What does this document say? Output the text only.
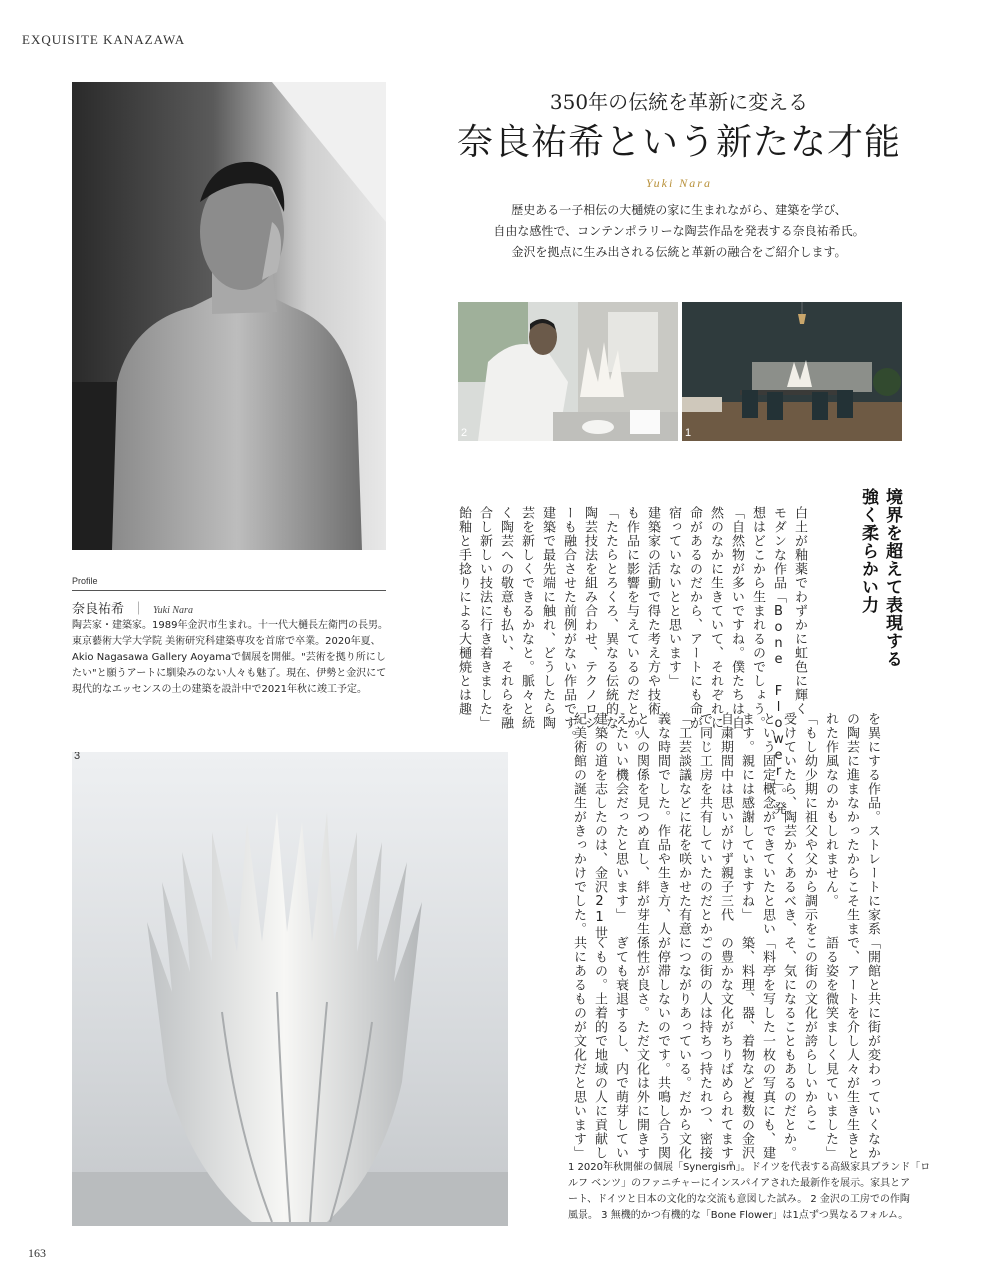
EXQUISITE KANAZAWA
350年の伝統を革新に変える
奈良祐希という新たな才能
Yuki Nara
歴史ある一子相伝の大樋焼の家に生まれながら、建築を学び、
自由な感性で、コンテンポラリーな陶芸作品を発表する奈良祐希氏。
金沢を拠点に生み出される伝統と革新の融合をご紹介します。
2	1
Profile
奈良祐希 ｜ Yuki Nara
陶芸家・建築家。1989年金沢市生まれ。十一代大樋長左衛門の長男。
東京藝術大学大学院 美術研究科建築専攻を首席で卒業。2020年夏、
Akio Nagasawa Gallery Aoyamaで個展を開催。"芸術を拠り所にし
たい"と願うアートに馴染みのない人々も魅了。現在、伊勢と金沢にて
現代的なエッセンスの土の建築を設計中で2021年秋に竣工予定。
境界を超えて表現する
強く柔らかい力
白土が釉薬でわずかに虹色に輝く
モダンな作品「Bone Flower」。発
想はどこから生まれるのでしょう。
「自然物が多いですね。僕たちは自
然のなかに生きていて、それぞれに
命があるのだから、アートにも命が
宿っていないとと思います」
建築家の活動で得た考え方や技術
も作品に影響を与えているのだとか。
「たたらとろくろ、異なる伝統的な
陶芸技法を組み合わせ、テクノロジ
ーも融合させた前例がない作品です。
建築で最先端に触れ、どうしたら陶
芸を新しくできるかなと。脈々と続
く陶芸への敬意も払い、それらを融
合し新しい技法に行き着きました」
飴釉と手捻りによる大樋焼とは趣
を異にする作品。ストレートに家系
の陶芸に進まなかったからこそ生ま
れた作風なのかもしれません。
「もし幼少期に祖父や父から調示を
受けていたら、陶芸かくあるべき、
という固定概念ができていたと思い
ます。親には感謝していますね」
自粛期間中は思いがけず親子三代
で同じ工房を共有していたのだとか。
「工芸談議などに花を咲かせた有意
義な時間でした。作品や生き方、人
と人の関係を見つめ直し、絆が芽生
えたいい機会だったと思います」
建築の道を志したのは、金沢21世
紀美術館の誕生がきっかけでした。
「開館と共に街が変わっていくなか
で、アートを介し人々が生き生きと
語る姿を微笑ましく見ていました」
この街の文化が誇らしいからこ
そ、気になることもあるのだとか。
「料亭を写した一枚の写真にも、建
築、料理、器、着物など複数の金沢
の豊かな文化がちりばめられてます。
この街の人は持ちつ持たれつ、密接
につながりあっている。だから文化
が停滞しないのです。共鳴し合う関
係性が良さ。ただ文化は外に開きす
ぎても衰退するし、内で萌芽してい
くもの。土着的で地域の人に貢献し、
共にあるものが文化だと思います」
3
1 2020年秋開催の個展「Synergism」。ドイツを代表する高級家具ブランド「ロ
ルフ ベンツ」のファニチャーにインスパイアされた最新作を展示。家具とア
ート、ドイツと日本の文化的な交流も意図した試み。 2 金沢の工房での作陶
風景。 3 無機的かつ有機的な「Bone Flower」は1点ずつ異なるフォルム。
163
